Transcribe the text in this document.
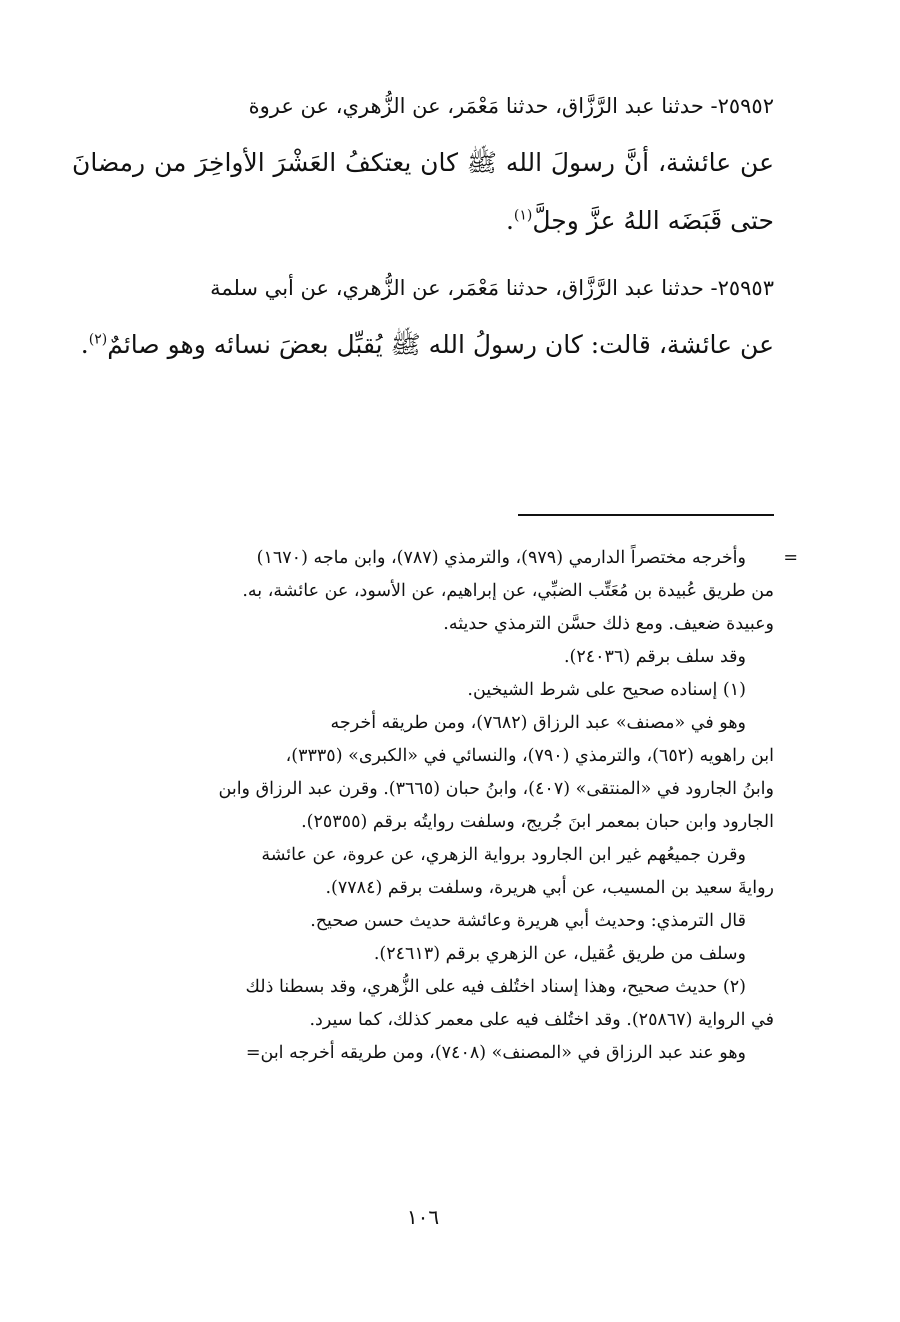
٢٥٩٥٢- حدثنا عبد الرَّزَّاق، حدثنا مَعْمَر، عن الزُّهري، عن عروة
عن عائشة، أنَّ رسولَ الله ﷺ كان يعتكفُ العَشْرَ الأواخِرَ من رمضانَ حتى قَبَضَه اللهُ عزَّ وجلَّ$^{(١)}$.
٢٥٩٥٣- حدثنا عبد الرَّزَّاق، حدثنا مَعْمَر، عن الزُّهري، عن أبي سلمة
عن عائشة، قالت: كان رسولُ الله ﷺ يُقبِّل بعضَ نسائه وهو صائمٌ$^{(٢)}$.
=

وأخرجه مختصراً الدارمي (٩٧٩)، والترمذي (٧٨٧)، وابن ماجه (١٦٧٠)

من طريق عُبيدة بن مُعَتِّب الضبِّي، عن إبراهيم، عن الأسود، عن عائشة، به.

وعبيدة ضعيف. ومع ذلك حسَّن الترمذي حديثه.

وقد سلف برقم (٢٤٠٣٦).

(١) إسناده صحيح على شرط الشيخين.

وهو في «مصنف» عبد الرزاق (٧٦٨٢)، ومن طريقه أخرجه

ابن راهويه (٦٥٢)، والترمذي (٧٩٠)، والنسائي في «الكبرى» (٣٣٣٥)،

وابنُ الجارود في «المنتقى» (٤٠٧)، وابنُ حبان (٣٦٦٥). وقرن عبد الرزاق وابن

الجارود وابن حبان بمعمر ابنَ جُريج، وسلفت روايتُه برقم (٢٥٣٥٥).

وقرن جميعُهم غير ابن الجارود برواية الزهري، عن عروة، عن عائشة

روايةَ سعيد بن المسيب، عن أبي هريرة، وسلفت برقم (٧٧٨٤).

قال الترمذي: وحديث أبي هريرة وعائشة حديث حسن صحيح.

وسلف من طريق عُقيل، عن الزهري برقم (٢٤٦١٣).

(٢) حديث صحيح، وهذا إسناد اختُلف فيه على الزُّهري، وقد بسطنا ذلك

في الرواية (٢٥٨٦٧). وقد اختُلف فيه على معمر كذلك، كما سيرد.

وهو عند عبد الرزاق في «المصنف» (٧٤٠٨)، ومن طريقه أخرجه ابن=

١٠٦
